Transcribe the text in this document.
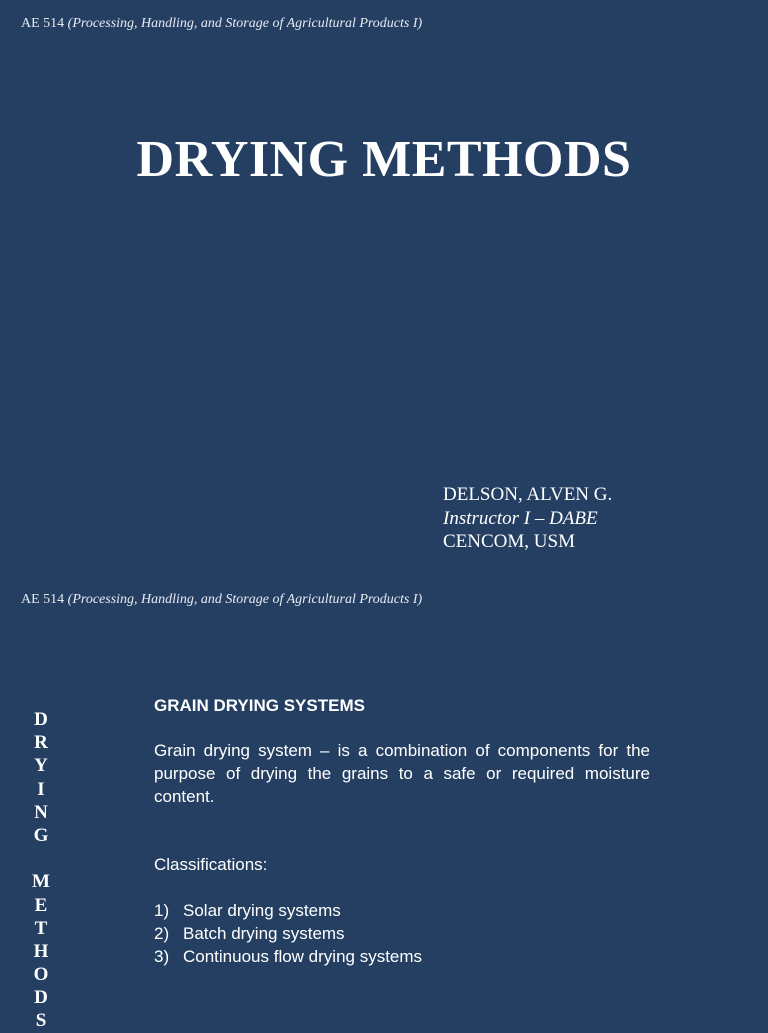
AE 514 (Processing, Handling, and Storage of Agricultural Products I)
DRYING METHODS
DELSON, ALVEN G.
Instructor I – DABE
CENCOM, USM
AE 514 (Processing, Handling, and Storage of Agricultural Products I)
D
R
Y
I
N
G
M
E
T
H
O
D
S
GRAIN DRYING SYSTEMS
Grain drying system – is a combination of components for the purpose of drying the grains to a safe or required moisture content.
Classifications:
1) Solar drying systems
2) Batch drying systems
3) Continuous flow drying systems
